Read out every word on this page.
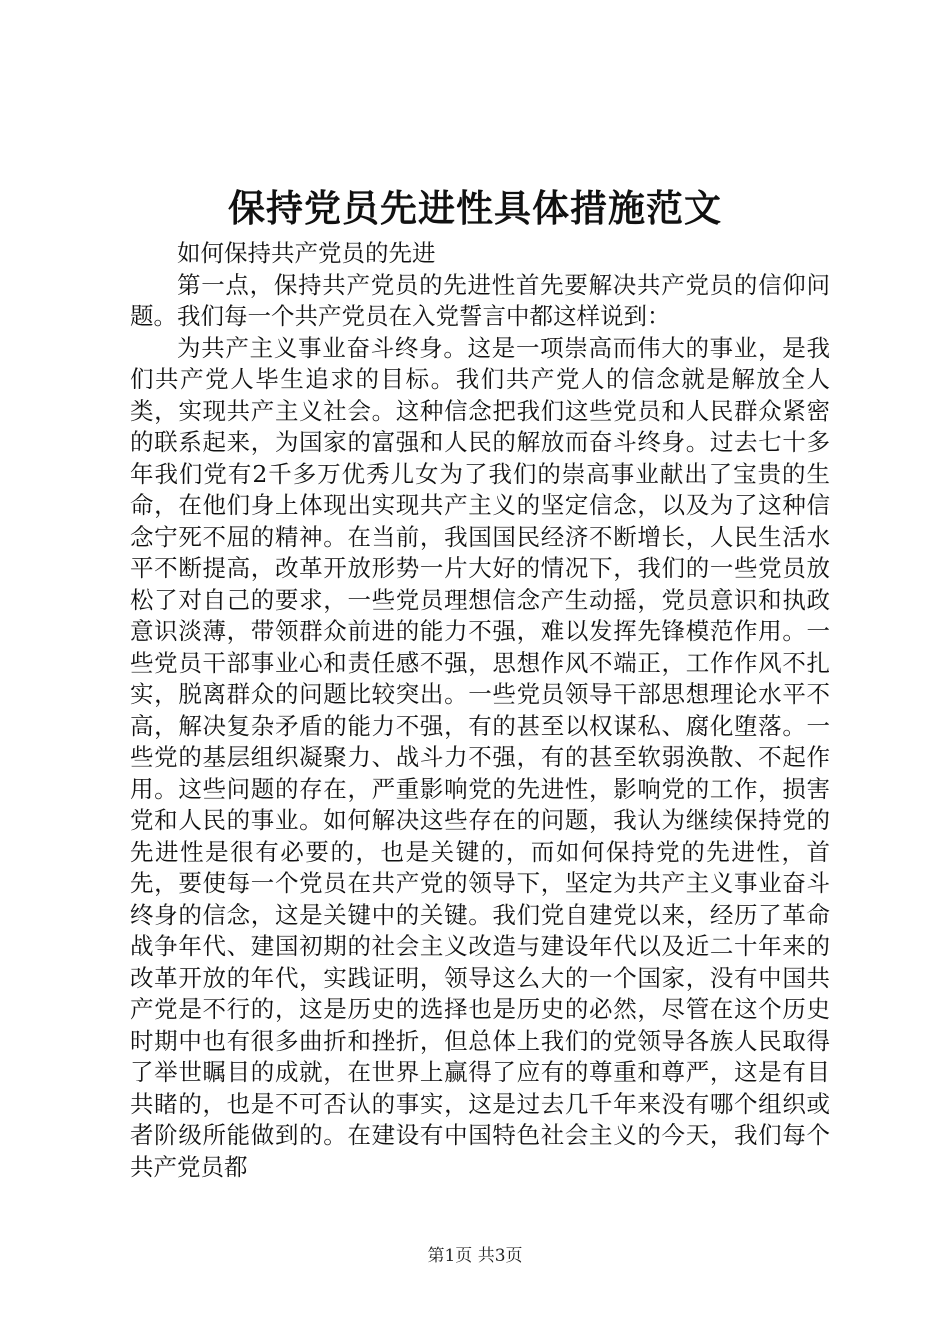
保持党员先进性具体措施范文

如何保持共产党员的先进

第一点，保持共产党员的先进性首先要解决共产党员的信仰问题。我们每一个共产党员在入党誓言中都这样说到：

为共产主义事业奋斗终身。这是一项崇高而伟大的事业，是我们共产党人毕生追求的目标。我们共产党人的信念就是解放全人类，实现共产主义社会。这种信念把我们这些党员和人民群众紧密的联系起来，为国家的富强和人民的解放而奋斗终身。过去七十多年我们党有2千多万优秀儿女为了我们的崇高事业献出了宝贵的生命，在他们身上体现出实现共产主义的坚定信念，以及为了这种信念宁死不屈的精神。在当前，我国国民经济不断增长，人民生活水平不断提高，改革开放形势一片大好的情况下，我们的一些党员放松了对自己的要求，一些党员理想信念产生动摇，党员意识和执政意识淡薄，带领群众前进的能力不强，难以发挥先锋模范作用。一些党员干部事业心和责任感不强，思想作风不端正，工作作风不扎实，脱离群众的问题比较突出。一些党员领导干部思想理论水平不高，解决复杂矛盾的能力不强，有的甚至以权谋私、腐化堕落。一些党的基层组织凝聚力、战斗力不强，有的甚至软弱涣散、不起作用。这些问题的存在，严重影响党的先进性，影响党的工作，损害党和人民的事业。如何解决这些存在的问题，我认为继续保持党的先进性是很有必要的，也是关键的，而如何保持党的先进性，首先，要使每一个党员在共产党的领导下，坚定为共产主义事业奋斗终身的信念，这是关键中的关键。我们党自建党以来，经历了革命战争年代、建国初期的社会主义改造与建设年代以及近二十年来的改革开放的年代，实践证明，领导这么大的一个国家，没有中国共产党是不行的，这是历史的选择也是历史的必然，尽管在这个历史时期中也有很多曲折和挫折，但总体上我们的党领导各族人民取得了举世瞩目的成就，在世界上赢得了应有的尊重和尊严，这是有目共睹的，也是不可否认的事实，这是过去几千年来没有哪个组织或者阶级所能做到的。在建设有中国特色社会主义的今天，我们每个共产党员都

第1页 共3页
